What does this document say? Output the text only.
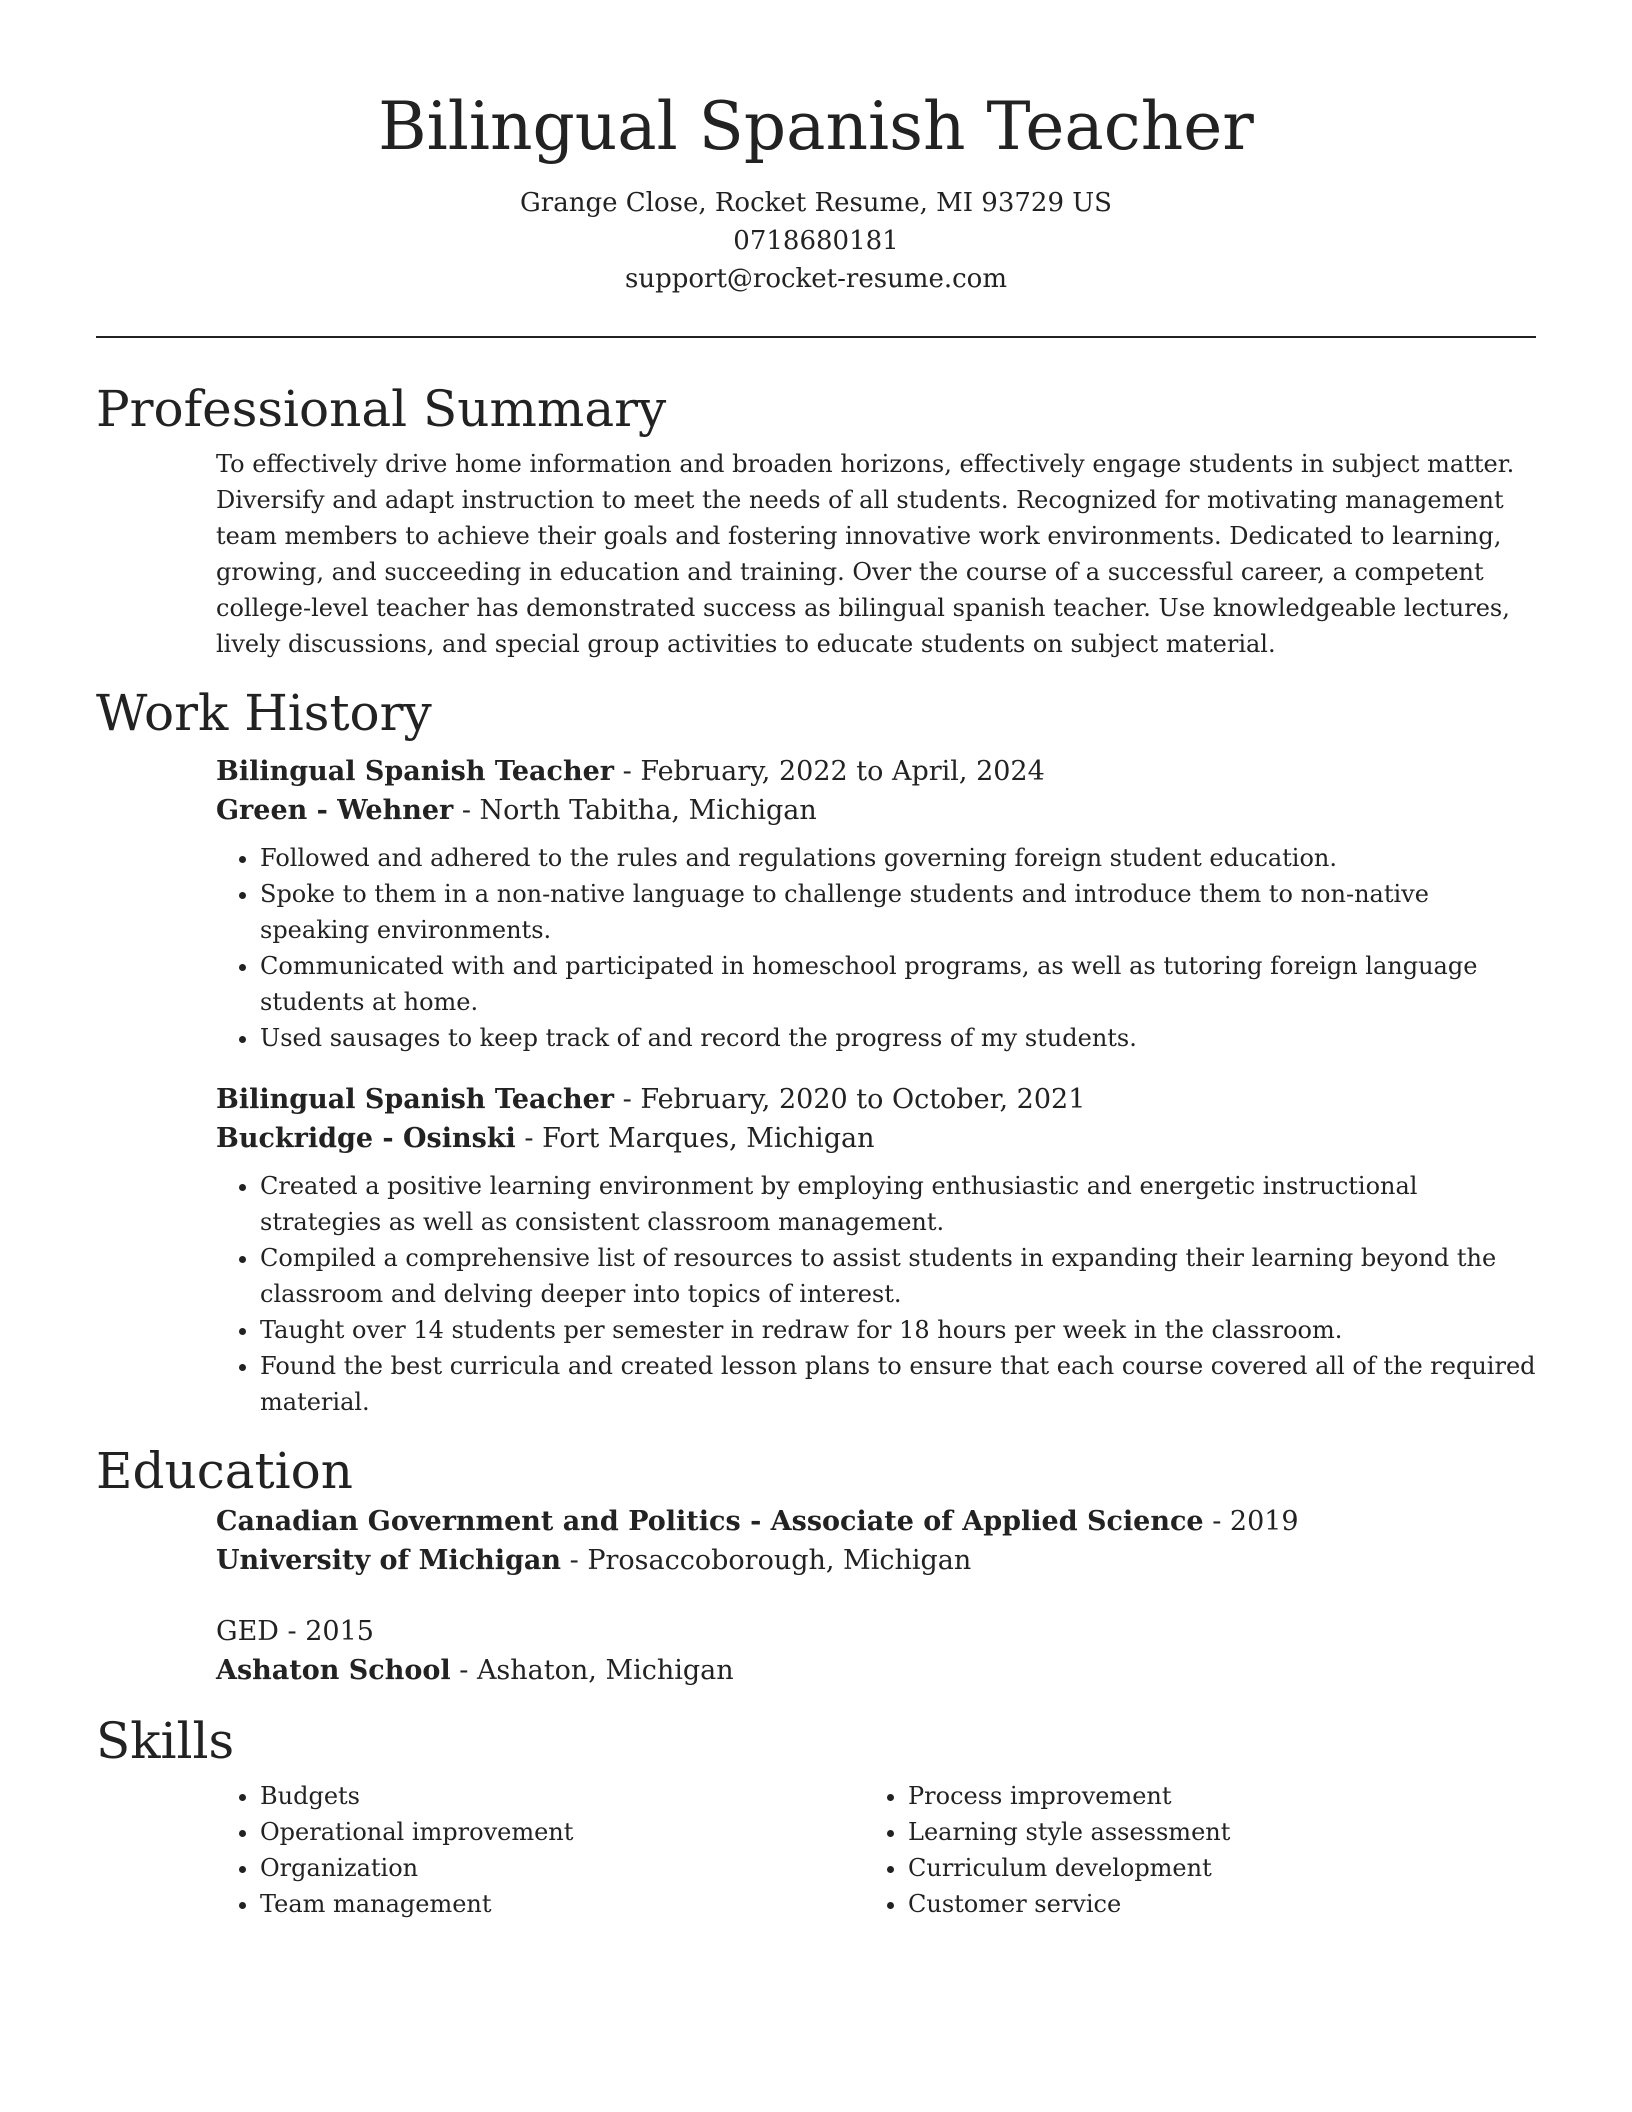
Bilingual Spanish Teacher

Grange Close, Rocket Resume, MI 93729 US

0718680181

support@rocket-resume.com

Professional Summary

To effectively drive home information and broaden horizons, effectively engage students in subject matter. Diversify and adapt instruction to meet the needs of all students. Recognized for motivating management team members to achieve their goals and fostering innovative work environments. Dedicated to learning, growing, and succeeding in education and training. Over the course of a successful career, a competent college-level teacher has demonstrated success as bilingual spanish teacher. Use knowledgeable lectures, lively discussions, and special group activities to educate students on subject material.

Work History

Bilingual Spanish Teacher - February, 2022 to April, 2024

Green - Wehner - North Tabitha, Michigan

• Followed and adhered to the rules and regulations governing foreign student education.
• Spoke to them in a non-native language to challenge students and introduce them to non-native speaking environments.
• Communicated with and participated in homeschool programs, as well as tutoring foreign language students at home.
• Used sausages to keep track of and record the progress of my students.

Bilingual Spanish Teacher - February, 2020 to October, 2021

Buckridge - Osinski - Fort Marques, Michigan

• Created a positive learning environment by employing enthusiastic and energetic instructional strategies as well as consistent classroom management.
• Compiled a comprehensive list of resources to assist students in expanding their learning beyond the classroom and delving deeper into topics of interest.
• Taught over 14 students per semester in redraw for 18 hours per week in the classroom.
• Found the best curricula and created lesson plans to ensure that each course covered all of the required material.
Education

Canadian Government and Politics - Associate of Applied Science - 2019

University of Michigan - Prosaccoborough, Michigan

GED - 2015

Ashaton School - Ashaton, Michigan

Skills
• Budgets
• Operational improvement
• Organization
• Team management
• Process improvement
• Learning style assessment
• Curriculum development
• Customer service
